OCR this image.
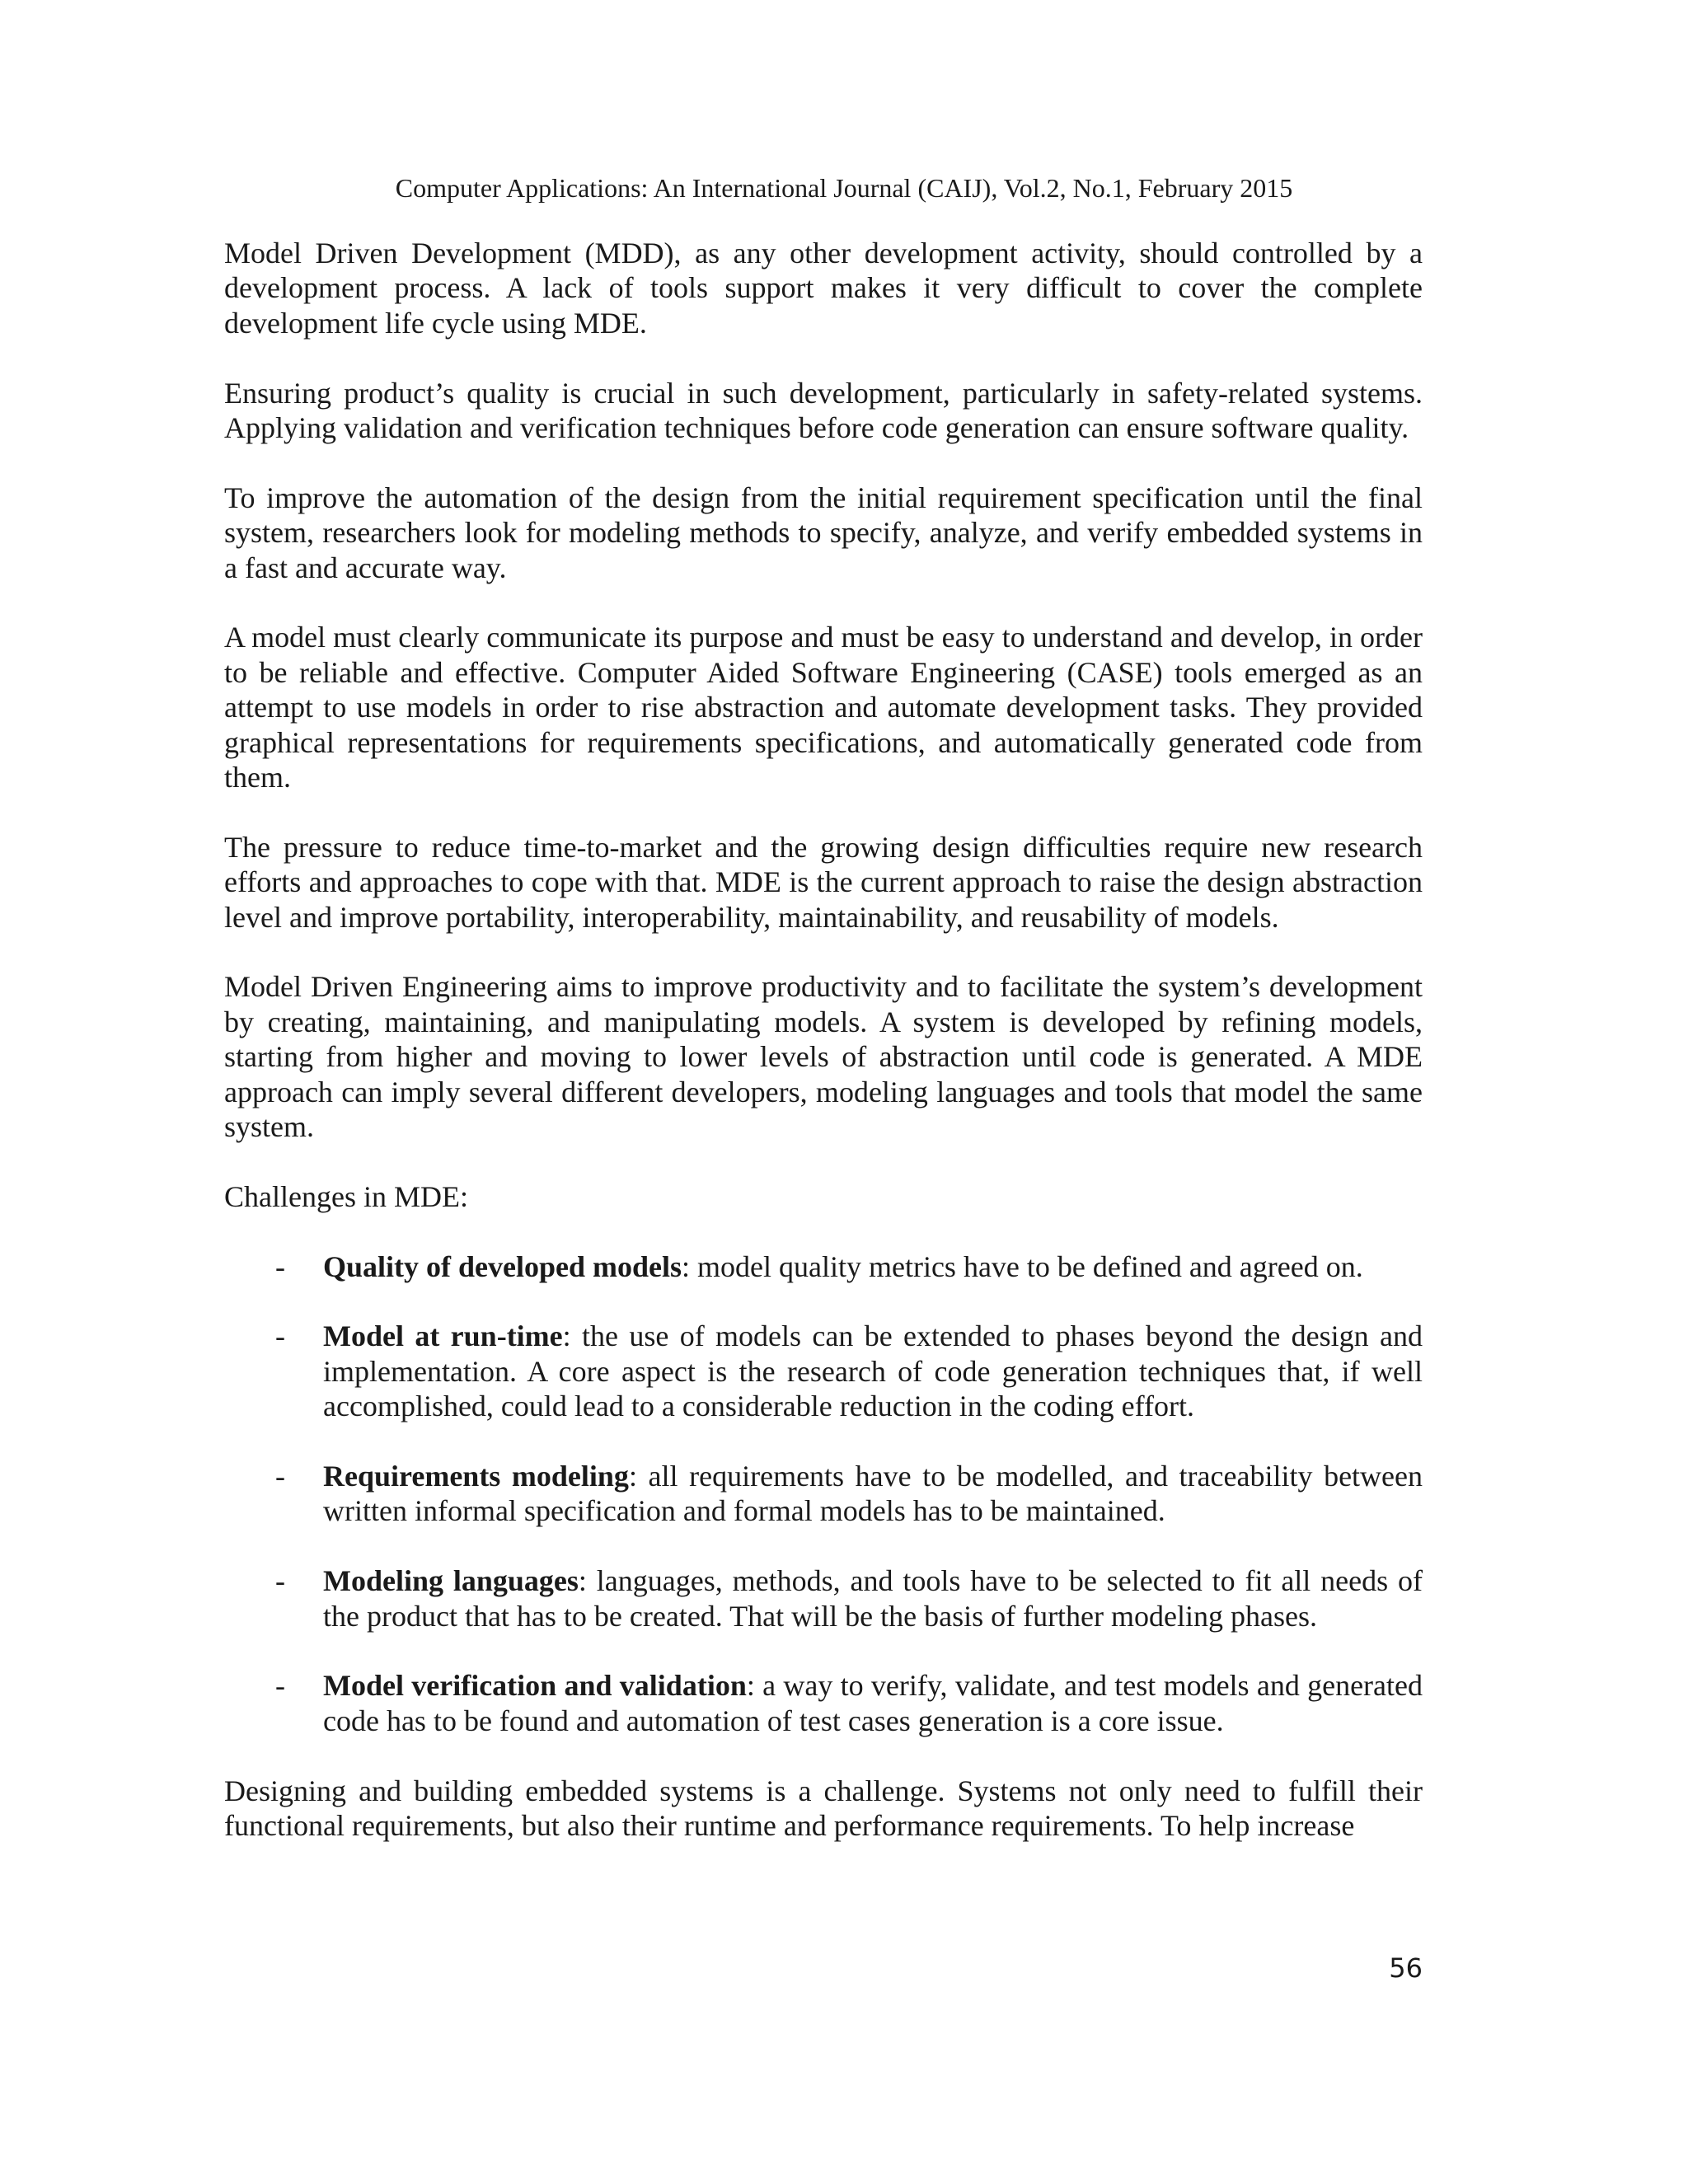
Computer Applications: An International Journal (CAIJ), Vol.2, No.1, February 2015

Model Driven Development (MDD), as any other development activity, should controlled by a development process. A lack of tools support makes it very difficult to cover the complete development life cycle using MDE.

Ensuring product’s quality is crucial in such development, particularly in safety-related systems. Applying validation and verification techniques before code generation can ensure software quality.

To improve the automation of the design from the initial requirement specification until the final system, researchers look for modeling methods to specify, analyze, and verify embedded systems in a fast and accurate way.

A model must clearly communicate its purpose and must be easy to understand and develop, in order to be reliable and effective. Computer Aided Software Engineering (CASE) tools emerged as an attempt to use models in order to rise abstraction and automate development tasks. They provided graphical representations for requirements specifications, and automatically generated code from them.

The pressure to reduce time-to-market and the growing design difficulties require new research efforts and approaches to cope with that. MDE is the current approach to raise the design abstraction level and improve portability, interoperability, maintainability, and reusability of models.

Model Driven Engineering aims to improve productivity and to facilitate the system’s development by creating, maintaining, and manipulating models. A system is developed by refining models, starting from higher and moving to lower levels of abstraction until code is generated. A MDE approach can imply several different developers, modeling languages and tools that model the same system.

Challenges in MDE:

- Quality of developed models: model quality metrics have to be defined and agreed on.
- Model at run-time: the use of models can be extended to phases beyond the design and implementation. A core aspect is the research of code generation techniques that, if well accomplished, could lead to a considerable reduction in the coding effort.
- Requirements modeling: all requirements have to be modelled, and traceability between written informal specification and formal models has to be maintained.
- Modeling languages: languages, methods, and tools have to be selected to fit all needs of the product that has to be created. That will be the basis of further modeling phases.
- Model verification and validation: a way to verify, validate, and test models and generated code has to be found and automation of test cases generation is a core issue.

Designing and building embedded systems is a challenge. Systems not only need to fulfill their functional requirements, but also their runtime and performance requirements. To help increase

56
